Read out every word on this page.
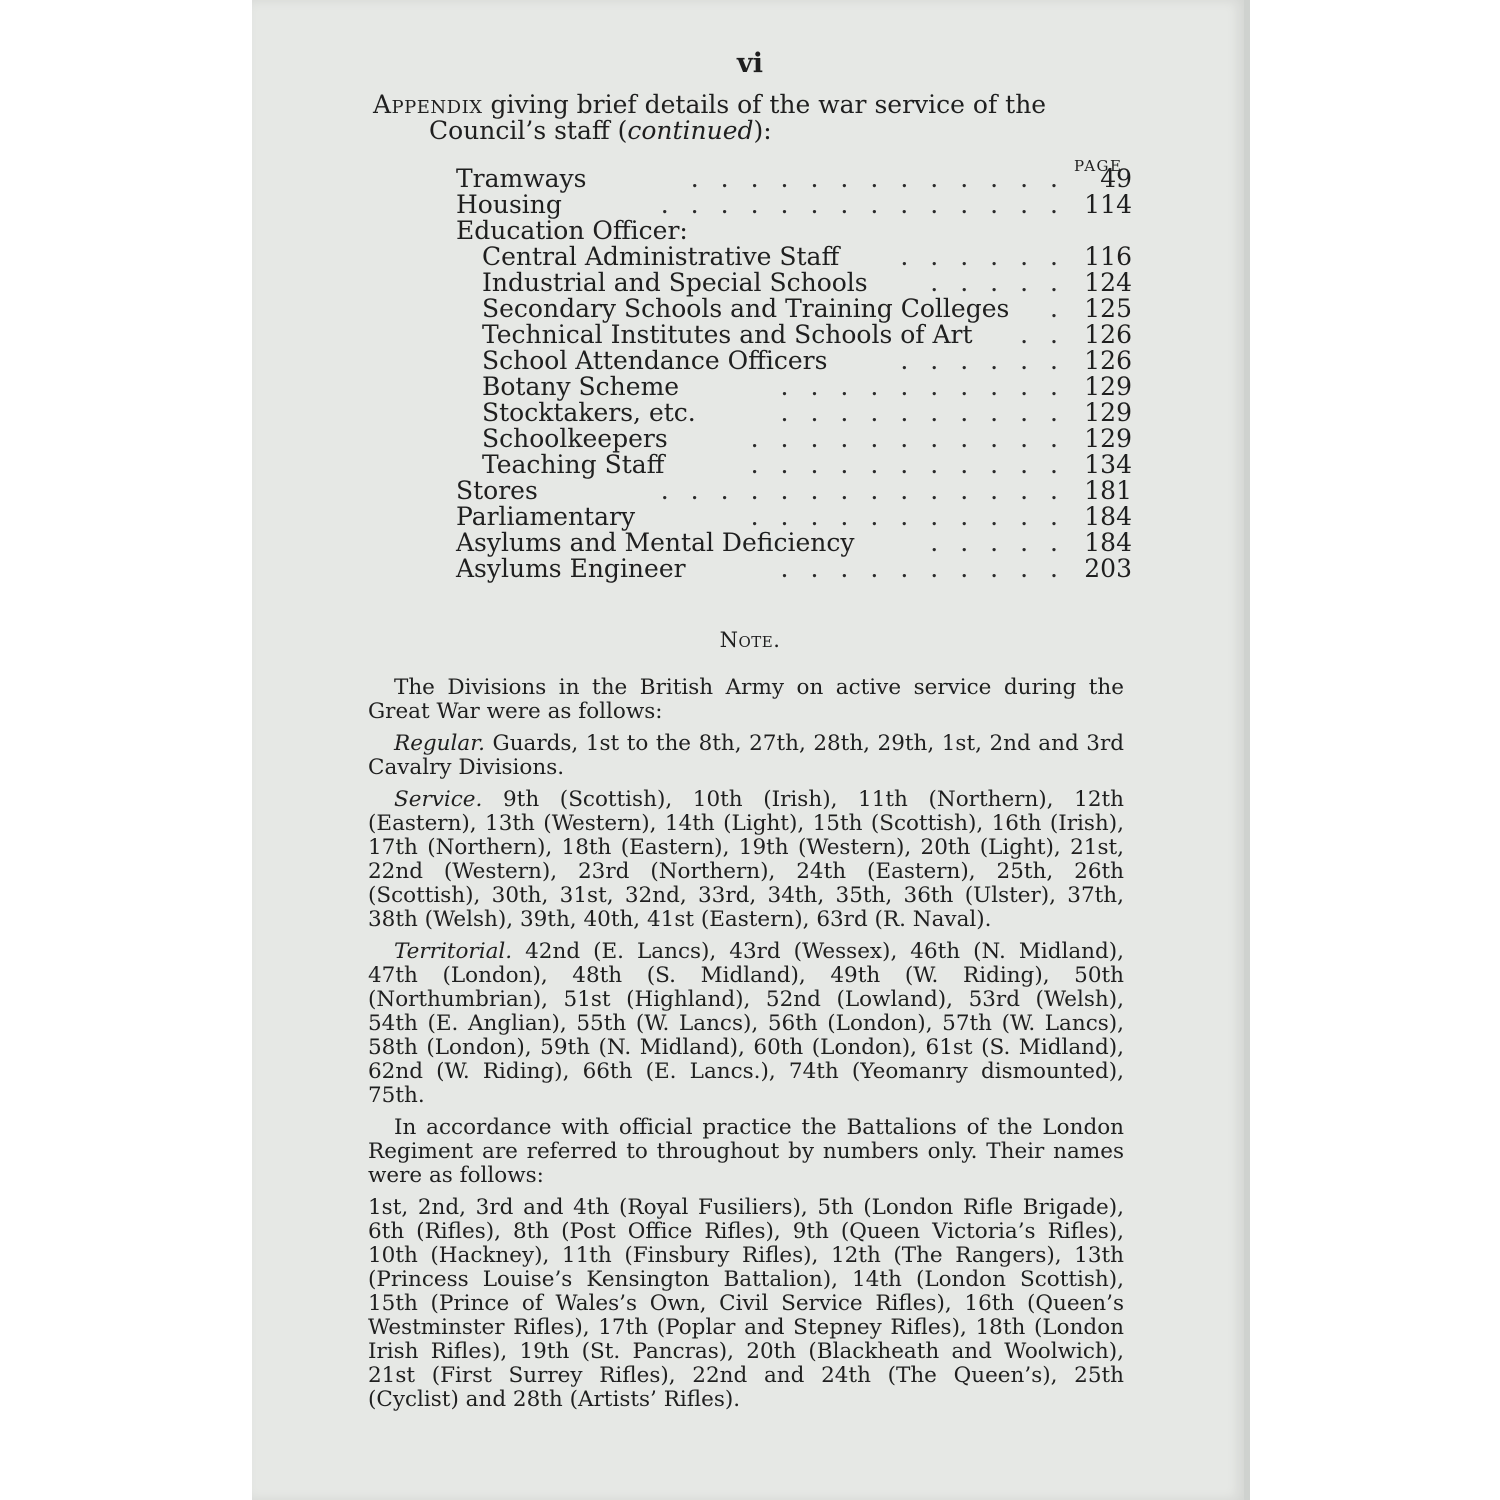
vi
Appendix giving brief details of the war service of the
Council’s staff (continued):
PAGE
Tramways	............. 49
Housing	.............. 114
Education Officer:
Central Administrative Staff	...... 116
Industrial and Special Schools	..... 124
Secondary Schools and Training Colleges	. 125
Technical Institutes and Schools of Art	.. 126
School Attendance Officers	...... 126
Botany Scheme	.......... 129
Stocktakers, etc.	.......... 129
Schoolkeepers	........... 129
Teaching Staff	........... 134
Stores	.............. 181
Parliamentary	........... 184
Asylums and Mental Deficiency	..... 184
Asylums Engineer	.......... 203
Note.

The Divisions in the British Army on active service during the Great War were as follows:

Regular. Guards, 1st to the 8th, 27th, 28th, 29th, 1st, 2nd and 3rd Cavalry Divisions.

Service. 9th (Scottish), 10th (Irish), 11th (Northern), 12th (Eastern), 13th (Western), 14th (Light), 15th (Scottish), 16th (Irish), 17th (Northern), 18th (Eastern), 19th (Western), 20th (Light), 21st, 22nd (Western), 23rd (Northern), 24th (Eastern), 25th, 26th (Scottish), 30th, 31st, 32nd, 33rd, 34th, 35th, 36th (Ulster), 37th, 38th (Welsh), 39th, 40th, 41st (Eastern), 63rd (R. Naval).

Territorial. 42nd (E. Lancs), 43rd (Wessex), 46th (N. Midland), 47th (London), 48th (S. Midland), 49th (W. Riding), 50th (Northumbrian), 51st (Highland), 52nd (Lowland), 53rd (Welsh), 54th (E. Anglian), 55th (W. Lancs), 56th (London), 57th (W. Lancs), 58th (London), 59th (N. Midland), 60th (London), 61st (S. Midland), 62nd (W. Riding), 66th (E. Lancs.), 74th (Yeomanry dismounted), 75th.

In accordance with official practice the Battalions of the London Regiment are referred to throughout by numbers only. Their names were as follows:

1st, 2nd, 3rd and 4th (Royal Fusiliers), 5th (London Rifle Brigade), 6th (Rifles), 8th (Post Office Rifles), 9th (Queen Victoria’s Rifles), 10th (Hackney), 11th (Finsbury Rifles), 12th (The Rangers), 13th (Princess Louise’s Kensington Battalion), 14th (London Scottish), 15th (Prince of Wales’s Own, Civil Service Rifles), 16th (Queen’s Westminster Rifles), 17th (Poplar and Stepney Rifles), 18th (London Irish Rifles), 19th (St. Pancras), 20th (Blackheath and Woolwich), 21st (First Surrey Rifles), 22nd and 24th (The Queen’s), 25th (Cyclist) and 28th (Artists’ Rifles).
